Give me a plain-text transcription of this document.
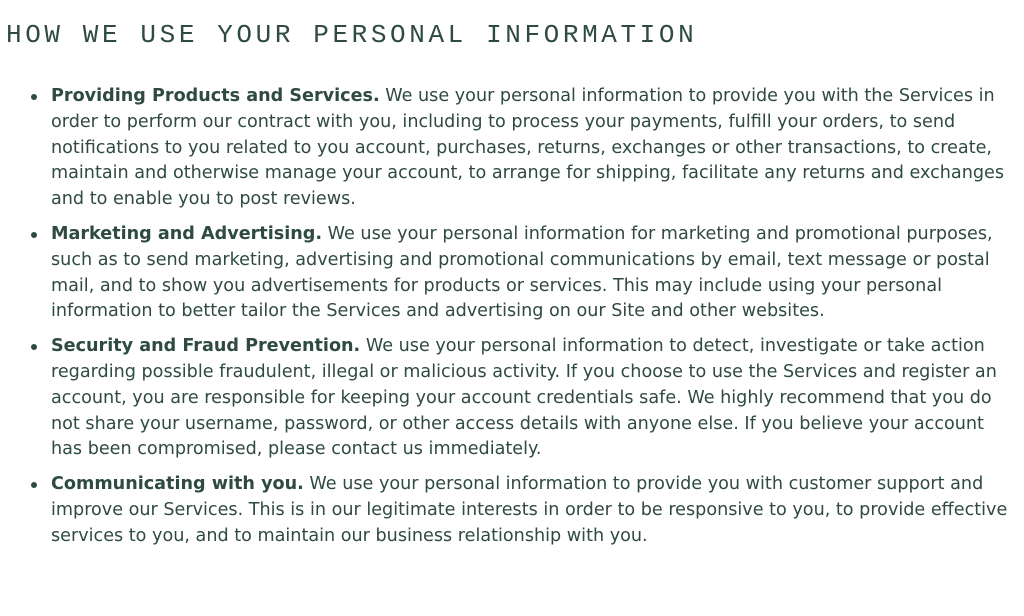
HOW WE USE YOUR PERSONAL INFORMATION
Providing Products and Services. We use your personal information to provide you with the Services in order to perform our contract with you, including to process your payments, fulfill your orders, to send notifications to you related to you account, purchases, returns, exchanges or other transactions, to create, maintain and otherwise manage your account, to arrange for shipping, facilitate any returns and exchanges and to enable you to post reviews.
Marketing and Advertising. We use your personal information for marketing and promotional purposes, such as to send marketing, advertising and promotional communications by email, text message or postal mail, and to show you advertisements for products or services. This may include using your personal information to better tailor the Services and advertising on our Site and other websites.
Security and Fraud Prevention. We use your personal information to detect, investigate or take action regarding possible fraudulent, illegal or malicious activity. If you choose to use the Services and register an account, you are responsible for keeping your account credentials safe. We highly recommend that you do not share your username, password, or other access details with anyone else. If you believe your account has been compromised, please contact us immediately.
Communicating with you. We use your personal information to provide you with customer support and improve our Services. This is in our legitimate interests in order to be responsive to you, to provide effective services to you, and to maintain our business relationship with you.
